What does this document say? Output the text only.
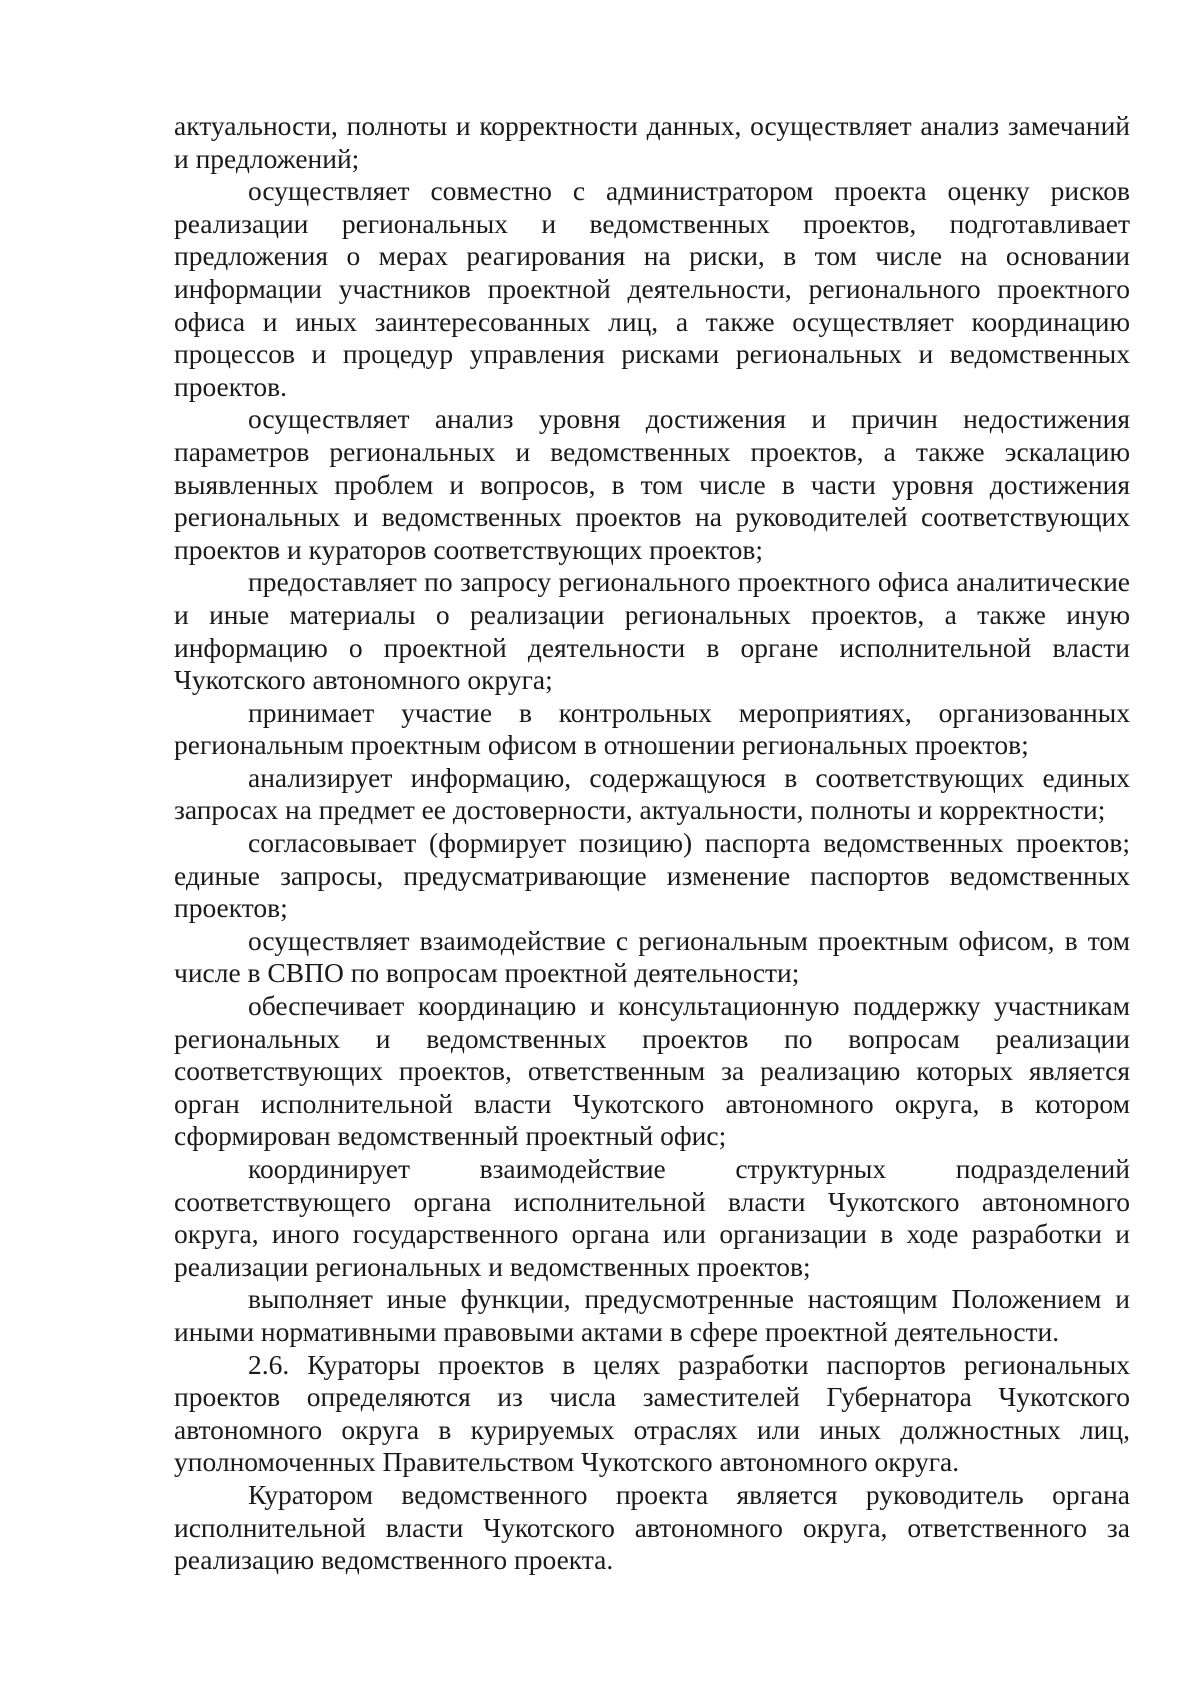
актуальности, полноты и корректности данных, осуществляет анализ замечаний и предложений;

осуществляет совместно с администратором проекта оценку рисков реализации региональных и ведомственных проектов, подготавливает предложения о мерах реагирования на риски, в том числе на основании информации участников проектной деятельности, регионального проектного офиса и иных заинтересованных лиц, а также осуществляет координацию процессов и процедур управления рисками региональных и ведомственных проектов.

осуществляет анализ уровня достижения и причин недостижения параметров региональных и ведомственных проектов, а также эскалацию выявленных проблем и вопросов, в том числе в части уровня достижения региональных и ведомственных проектов на руководителей соответствующих проектов и кураторов соответствующих проектов;

предоставляет по запросу регионального проектного офиса аналитические и иные материалы о реализации региональных проектов, а также иную информацию о проектной деятельности в органе исполнительной власти Чукотского автономного округа;

принимает участие в контрольных мероприятиях, организованных региональным проектным офисом в отношении региональных проектов;

анализирует информацию, содержащуюся в соответствующих единых запросах на предмет ее достоверности, актуальности, полноты и корректности;

согласовывает (формирует позицию) паспорта ведомственных проектов; единые запросы, предусматривающие изменение паспортов ведомственных проектов;

осуществляет взаимодействие с региональным проектным офисом, в том числе в СВПО по вопросам проектной деятельности;

обеспечивает координацию и консультационную поддержку участникам региональных и ведомственных проектов по вопросам реализации соответствующих проектов, ответственным за реализацию которых является орган исполнительной власти Чукотского автономного округа, в котором сформирован ведомственный проектный офис;

координирует взаимодействие структурных подразделений соответствующего органа исполнительной власти Чукотского автономного округа, иного государственного органа или организации в ходе разработки и реализации региональных и ведомственных проектов;

выполняет иные функции, предусмотренные настоящим Положением и иными нормативными правовыми актами в сфере проектной деятельности.

2.6. Кураторы проектов в целях разработки паспортов региональных проектов определяются из числа заместителей Губернатора Чукотского автономного округа в курируемых отраслях или иных должностных лиц, уполномоченных Правительством Чукотского автономного округа.

Куратором ведомственного проекта является руководитель органа исполнительной власти Чукотского автономного округа, ответственного за реализацию ведомственного проекта.
